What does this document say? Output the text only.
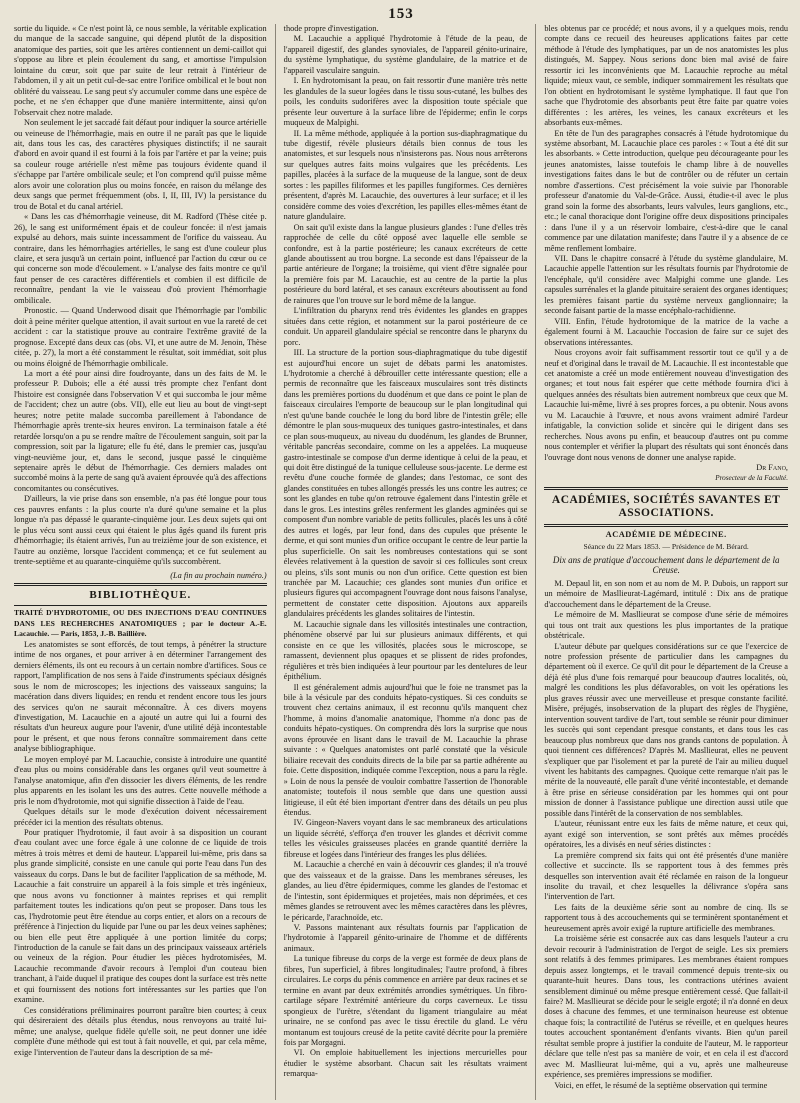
153

sortie du liquide. « Ce n'est point là, ce nous semble, la véritable explication du manque de la saccade sanguine, qui dépend plutôt de la disposition anatomique des parties, soit que les artères contiennent un demi-caillot qui s'oppose au libre et plein écoulement du sang, et amortisse l'impulsion lointaine du cœur, soit que par suite de leur retrait à l'intérieur de l'abdomen, il y ait un petit cul-de-sac entre l'orifice ombilical et le bout non oblitéré du vaisseau. Le sang peut s'y accumuler comme dans une espèce de poche, et ne s'en échapper que d'une manière intermittente, ainsi qu'on l'observait chez notre malade.

Non seulement le jet saccadé fait défaut pour indiquer la source artérielle ou veineuse de l'hémorrhagie, mais en outre il ne paraît pas que le liquide ait, dans tous les cas, des caractères physiques distinctifs; il ne saurait d'abord en avoir quand il est fourni à la fois par l'artère et par la veine; puis sa couleur rouge artérielle n'est même pas toujours évidente quand il s'échappe par l'artère ombilicale seule; et l'on comprend qu'il puisse même alors avoir une coloration plus ou moins foncée, en raison du mélange des deux sangs que permet fréquemment (obs. I, II, III, IV) la persistance du trou de Botal et du canal artériel.

« Dans les cas d'hémorrhagie veineuse, dit M. Radford (Thèse citée p. 26), le sang est uniformément épais et de couleur foncée: il n'est jamais expulsé au dehors, mais suinte incessamment de l'orifice du vaisseau. Au contraire, dans les hémorrhagies artérielles, le sang est d'une couleur plus claire, et sera jusqu'à un certain point, influencé par l'action du cœur ou ce qui concerne son mode d'écoulement. » L'analyse des faits montre ce qu'il faut penser de ces caractères différentiels et combien il est difficile de reconnaître, pendant la vie le vaisseau d'où provient l'hémorrhagie ombilicale.

Pronostic. — Quand Underwood disait que l'hémorrhagie par l'ombilic doit à peine mériter quelque attention, il avait surtout en vue la rareté de cet accident : car la statistique prouve au contraire l'extrême gravité de la prognose. Excepté dans deux cas (obs. VI, et une autre de M. Jenoin, Thèse citée, p. 27), la mort a été constamment le résultat, soit immédiat, soit plus ou moins éloigné de l'hémorrhagie ombilicale.

La mort a été pour ainsi dire foudroyante, dans un des faits de M. le professeur P. Dubois; elle a été aussi très prompte chez l'enfant dont l'histoire est consignée dans l'observation V et qui succomba le jour même de l'accident; chez un autre (obs. VII), elle eut lieu au bout de vingt-sept heures; notre petite malade succomba pareillement à l'abondance de l'hémorrhagie après trente-six heures environ. La terminaison fatale a été retardée lorsqu'on a pu se rendre maître de l'écoulement sanguin, soit par la compression, soit par la ligature; elle fu été, dans le premier cas, jusqu'au vingt-neuvième jour, et, dans le second, jusque passé le cinquième septenaire après le début de l'hémorrhagie. Ces derniers malades ont succombé moins à la perte de sang qu'à avaient éprouvée qu'à des affections concomitantes ou consécutives.

D'ailleurs, la vie prise dans son ensemble, n'a pas été longue pour tous ces pauvres enfants : la plus courte n'a duré qu'une semaine et la plus longue n'a pas dépassé le quarante-cinquième jour. Les deux sujets qui ont le plus vécu sont aussi ceux qui étaient le plus âgés quand ils furent pris d'hémorrhagie; ils étaient arrivés, l'un au treizième jour de son existence, et l'autre au onzième, lorsque l'accident commença; et ce fut seulement au trente-septième et au quarante-cinquième qu'ils succombèrent.

(La fin au prochain numéro.)

BIBLIOTHÈQUE.

TRAITÉ D'HYDROTOMIE, OU DES INJECTIONS D'EAU CONTINUES DANS LES RECHERCHES ANATOMIQUES ; par le docteur A.-E. Lacauchie. — Paris, 1853, J.-B. Baillière.

Les anatomistes se sont efforcés, de tout temps, à pénétrer la structure intime de nos organes, et pour arriver à en déterminer l'arrangement des derniers éléments, ils ont eu recours à un certain nombre d'artifices. Sous ce rapport, l'amplification de nos sens à l'aide d'instruments spéciaux désignés sous le nom de microscopes; les injections des vaisseaux sanguins; la macération dans divers liquides; en rendu et rendent encore tous les jours des services qu'on ne saurait méconnaître. À ces divers moyens d'investigation, M. Lacauchie en a ajouté un autre qui lui a fourni des résultats d'un heureux augure pour l'avenir, d'une utilité déjà incontestable pour le présent, et que nous ferons connaître sommairement dans cette analyse bibliographique.

Le moyen employé par M. Lacauchie, consiste à introduire une quantité d'eau plus ou moins considérable dans les organes qu'il veut soumettre à l'analyse anatomique, afin d'en dissocier les divers éléments, de les rendre plus apparents en les isolant les uns des autres. Cette nouvelle méthode a pris le nom d'hydrotomie, mot qui signifie dissection à l'aide de l'eau.

Quelques détails sur le mode d'exécution doivent nécessairement précéder ici la mention des résultats obtenus.

Pour pratiquer l'hydrotomie, il faut avoir à sa disposition un courant d'eau coulant avec une force égale à une colonne de ce liquide de trois mètres à trois mètres et demi de hauteur. L'appareil lui-même, pris dans sa plus grande simplicité, consiste en une canule qui porte l'eau dans l'un des vaisseaux du corps. Dans le but de faciliter l'application de sa méthode, M. Lacauchie a fait construire un appareil à la fois simple et très ingénieux, que nous avons vu fonctionner à maintes reprises et qui remplit parfaitement toutes les indications qu'on peut se proposer. Dans tous les cas, l'hydrotomie peut être étendue au corps entier, et alors on a recours de préférence à l'injection du liquide par l'une ou par les deux veines saphènes; ou bien elle peut être appliquée à une portion limitée du corps; l'introduction de la canule se fait dans un des principaux vaisseaux artériels ou veineux de la région. Pour étudier les pièces hydrotomisées, M. Lacauchie recommande d'avoir recours à l'emploi d'un couteau bien tranchant, à l'aide duquel il pratique des coupes dont la surface est très nette et qui fournissent des notions fort intéressantes sur les parties que l'on examine.

Ces considérations préliminaires pourront paraître bien courtes; à ceux qui désireraient des détails plus étendus, nous renvoyons au traité lui-même; une analyse, quelque fidèle qu'elle soit, ne peut donner une idée complète d'une méthode qui est tout à fait nouvelle, et qui, par cela même, exige l'intervention de l'auteur dans la description de sa mé-

thode propre d'investigation.

M. Lacauchie a appliqué l'hydrotomie à l'étude de la peau, de l'appareil digestif, des glandes synoviales, de l'appareil génito-urinaire, du système lymphatique, du système glandulaire, de la matrice et de l'appareil vasculaire sanguin.

I. En hydrotomisant la peau, on fait ressortir d'une manière très nette les glandules de la sueur logées dans le tissu sous-cutané, les bulbes des poils, les conduits sudorifères avec la disposition toute spéciale que présente leur ouverture à la surface libre de l'épiderme; enfin le corps muqueux de Malpighi.

II. La même méthode, appliquée à la portion sus-diaphragmatique du tube digestif, révèle plusieurs détails bien connus de tous les anatomistes, et sur lesquels nous n'insisterons pas. Nous nous arrêterons sur quelques autres faits moins vulgaires que les précédents. Les papilles, placées à la surface de la muqueuse de la langue, sont de deux sortes : les papilles filiformes et les papilles fungiformes. Ces dernières présentent, d'après M. Lacauchie, des ouvertures à leur surface; et il les considère comme des voies d'excrétion, les papilles elles-mêmes étant de nature glandulaire.

On sait qu'il existe dans la langue plusieurs glandes : l'une d'elles très rapprochée de celle du côté opposé avec laquelle elle semble se confondre, est à la partie postérieure; les canaux excréteurs de cette glande aboutissent au trou borgne. La seconde est dans l'épaisseur de la partie antérieure de l'organe; la troisième, qui vient d'être signalée pour la première fois par M. Lacauchie, est au centre de la partie la plus postérieure du bord latéral, et ses canaux excréteurs aboutissent au fond de rainures que l'on trouve sur le bord même de la langue.

L'infiltration du pharynx rend très évidentes les glandes en grappes situées dans cette région, et notamment sur la paroi postérieure de ce conduit. Un appareil glandulaire spécial se rencontre dans le pharynx du porc.

III. La structure de la portion sous-diaphragmatique du tube digestif est aujourd'hui encore un sujet de débats parmi les anatomistes. L'hydrotomie a cherché à débrouiller cette intéressante question; elle a permis de reconnaître que les faisceaux musculaires sont très distincts dans les premières portions du duodénum et que dans ce point le plan de faisceaux circulaires l'emporte de beaucoup sur le plan longitudinal qui n'est qu'une bande couchée le long du bord libre de l'intestin grêle; elle démontre le plan sous-muqueux des tuniques gastro-intestinales, et dans ce plan sous-muqueux, au niveau du duodénum, les glandes de Brunner, véritable pancréas secondaire, comme on les a appelées. La muqueuse gastro-intestinale se compose d'un derme identique à celui de la peau, et qui doit être distingué de la tunique celluleuse sous-jacente. Le derme est revêtu d'une couche formée de glandes; dans l'estomac, ce sont des glandes constituées en tubes allongés pressés les uns contre les autres; ce sont les glandes en tube qu'on retrouve également dans l'intestin grêle et dans le gros. Les intestins grêles renferment les glandes agminées qui se composent d'un nombre variable de petits follicules, placés les uns à côté des autres et logés, par leur fond, dans des cupules que présente le derme, et qui sont munies d'un orifice occupant le centre de leur partie la plus superficielle. On sait les nombreuses contestations qui se sont élevées relativement à la question de savoir si ces follicules sont creux ou pleins, s'ils sont munis ou non d'un orifice. Cette question est bien tranchée par M. Lacauchie; ces glandes sont munies d'un orifice et plusieurs figures qui accompagnent l'ouvrage dont nous faisons l'analyse, permettent de constater cette disposition. Ajoutons aux appareils glandulaires précédents les glandes solitaires de l'intestin.

M. Lacauchie signale dans les villosités intestinales une contraction, phénomène observé par lui sur plusieurs animaux différents, et qui consiste en ce que les villosités, placées sous le microscope, se ramassent, deviennent plus opaques et se plissent de rides profondes, régulières et très bien indiquées à leur pourtour par les dentelures de leur épithélium.

Il est généralement admis aujourd'hui que le foie ne transmet pas la bile à la vésicule par des conduits hépato-cystiques. Si ces conduits se trouvent chez certains animaux, il est reconnu qu'ils manquent chez l'homme, à moins d'anomalie anatomique, l'homme n'a donc pas de conduits hépato-cystiques. On comprendra dès lors la surprise que nous avons éprouvée en lisant dans le travail de M. Lacauchie la phrase suivante : « Quelques anatomistes ont parlé constaté que la vésicule biliaire recevait des conduits directs de la bile par sa partie adhérente au foie. Cette disposition, indiquée comme l'exception, nous a paru la règle. » Loin de nous la pensée de vouloir combattre l'assertion de l'honorable anatomiste; toutefois il nous semble que dans une question aussi litigieuse, il eût été bien important d'entrer dans des détails un peu plus étendus.

IV. Gingeon-Navers voyant dans le sac membraneux des articulations un liquide sécrété, s'efforça d'en trouver les glandes et décrivit comme telles les vésicules graisseuses placées en grande quantité derrière la fibreuse et logées dans l'intérieur des franges les plus déliées.

M. Lacauchie a cherché en vain à découvrir ces glandes; il n'a trouvé que des vaisseaux et de la graisse. Dans les membranes séreuses, les glandes, au lieu d'être épidermiques, comme les glandes de l'estomac et de l'intestin, sont épidermiques et projetées, mais non déprimées, et ces mêmes glandes se retrouvent avec les mêmes caractères dans les plèvres, le péricarde, l'arachnoïde, etc.

V. Passons maintenant aux résultats fournis par l'application de l'hydrotomie à l'appareil génito-urinaire de l'homme et de différents animaux.

La tunique fibreuse du corps de la verge est formée de deux plans de fibres, l'un superficiel, à fibres longitudinales; l'autre profond, à fibres circulaires. Le corps du pénis commence en arrière par deux racines et se termine en avant par deux extrémités arrondies symétriques. Un fibro-cartilage sépare l'extrémité antérieure du corps caverneux. Le tissu spongieux de l'urètre, s'étendant du ligament triangulaire au méat urinaire, ne se confond pas avec le tissu érectile du gland. Le véru montanum est toujours creusé de la petite cavité décrite pour la première fois par Morgagni.

VI. On emploie habituellement les injections mercurielles pour étudier le système absorbant. Chacun sait les résultats vraiment remarqua-

bles obtenus par ce procédé; et nous avons, il y a quelques mois, rendu compte dans ce recueil des heureuses applications faites par cette méthode à l'étude des lymphatiques, par un de nos anatomistes les plus distingués, M. Sappey. Nous serions donc bien mal avisé de faire ressortir ici les inconvénients que M. Lacauchie reproche au métal liquide; mieux vaut, ce semble, indiquer sommairement les résultats que l'on obtient en hydrotomisant le système lymphatique. Il faut que l'on sache que l'hydrotomie des absorbants peut être faite par quatre voies différentes : les artères, les veines, les canaux excréteurs et les absorbants eux-mêmes.

En tête de l'un des paragraphes consacrés à l'étude hydrotomique du système absorbant, M. Lacauchie place ces paroles : « Tout a été dit sur les absorbants. » Cette introduction, quelque peu décourageante pour les jeunes anatomistes, laisse toutefois le champ libre à de nouvelles investigations faites dans le but de contrôler ou de réfuter un certain nombre d'assertions. C'est précisément la voie suivie par l'honorable professeur d'anatomie du Val-de-Grâce. Aussi, étudie-t-il avec le plus grand soin la forme des absorbants, leurs valvules, leurs ganglions, etc., etc.; le canal thoracique dont l'origine offre deux dispositions principales : dans l'une il y a un réservoir lombaire, c'est-à-dire que le canal commence par une dilatation manifeste; dans l'autre il y a absence de ce même renflement lombaire.

VII. Dans le chapitre consacré à l'étude du système glandulaire, M. Lacauchie appelle l'attention sur les résultats fournis par l'hydrotomie de l'encéphale, qu'il considère avec Malpighi comme une glande. Les capsules surrénales et la glande pituitaire seraient des organes identiques; les premières faisant partie du système nerveux ganglionnaire; la seconde faisant partie de la masse encéphalo-rachidienne.

VIII. Enfin, l'étude hydrotomique de la matrice de la vache a également fourni à M. Lacauchie l'occasion de faire sur ce sujet des observations intéressantes.

Nous croyons avoir fait suffisamment ressortir tout ce qu'il y a de neuf et d'original dans le travail de M. Lacauchie. Il est incontestable que cet anatomiste a créé un mode entièrement nouveau d'investigation des organes; et tout nous fait espérer que cette méthode fournira d'ici à quelques années des résultats bien autrement nombreux que ceux que M. Lacauchie lui-même, livré à ses propres forces, a pu obtenir. Nous avons vu M. Lacauchie à l'œuvre, et nous avons vraiment admiré l'ardeur infatigable, la conviction solide et sincère qui le dirigent dans ses recherches. Nous avons pu enfin, et beaucoup d'autres ont pu comme nous contempler et vérifier la plupart des résultats qui sont énoncés dans l'ouvrage dont nous venons de donner une analyse rapide.

Dr Fano,

Prosecteur de la Faculté.

ACADÉMIES, SOCIÉTÉS SAVANTES ET ASSOCIATIONS.

ACADÉMIE DE MÉDECINE.

Séance du 22 Mars 1853. — Présidence de M. Bérard.

Dix ans de pratique d'accouchement dans le département de la Creuse.

M. Depaul lit, en son nom et au nom de M. P. Dubois, un rapport sur un mémoire de Masllieurat-Lagémard, intitulé : Dix ans de pratique d'accouchement dans le département de la Creuse.

Le mémoire de M. Masllieurat se compose d'une série de mémoires qui tous ont trait aux questions les plus importantes de la pratique obstétricale.

L'auteur débute par quelques considérations sur ce que l'exercice de notre profession présente de particulier dans les campagnes du département où il exerce. Ce qu'il dit pour le département de la Creuse a déjà été plus d'une fois remarqué pour beaucoup d'autres localités, où, malgré les conditions les plus défavorables, on voit les opérations les plus graves réussir avec une merveilleuse et presque constante facilité. Misère, préjugés, insobservation de la plupart des règles de l'hygiène, intervention souvent tardive de l'art, tout semble se réunir pour diminuer les succès qui sont cependant presque constants, et dans tous les cas beaucoup plus nombreux que dans nos grands cantons de population. À quoi tiennent ces différences? D'après M. Masllieurat, elles ne peuvent s'expliquer que par l'isolement et par la pureté de l'air au milieu duquel vivent les habitants des campagnes. Quoique cette remarque n'ait pas le mérite de la nouveauté, elle paraît d'une vérité incontestable, et demande à être prise en sérieuse considération par les hommes qui ont pour mission de donner à l'assistance publique une direction aussi utile que possible dans l'intérêt de la conservation de nos semblables.

L'auteur, réunissant entre eux les faits de même nature, et ceux qui, ayant exigé son intervention, se sont prêtés aux mêmes procédés opératoires, les a divisés en neuf séries distinctes :

La première comprend six faits qui ont été présentés d'une manière collective et succincte. Ils se rapportent tous à des femmes près desquelles son intervention avait été réclamée en raison de la longueur insolite du travail, et chez lesquelles la délivrance s'opéra sans l'intervention de l'art.

Les faits de la deuxième série sont au nombre de cinq. Ils se rapportent tous à des accouchements qui se terminèrent spontanément et heureusement après avoir exigé la rupture artificielle des membranes.

La troisième série est consacrée aux cas dans lesquels l'auteur a cru devoir recourir à l'administration de l'ergot de seigle. Les six premiers sont relatifs à des femmes primipares. Les membranes étaient rompues depuis assez longtemps, et le travail commencé depuis trente-six ou quarante-huit heures. Dans tous, les contractions utérines avaient sensiblement diminué ou même presque entièrement cessé. Que fallait-il faire? M. Masllieurat se décide pour le seigle ergoté; il n'a donné en deux doses à chacune des femmes, et une terminaison heureuse est obtenue chaque fois; la contractilité de l'utérus se réveille, et en quelques heures toutes accouchent spontanément d'enfants vivants. Bien qu'un pareil résultat semble propre à justifier la conduite de l'auteur, M. le rapporteur déclare que telle n'est pas sa manière de voir, et en cela il est d'accord avec M. Masllieurat lui-même, qui a vu, après une malheureuse expérience, ses premières impressions se modifier.

Voici, en effet, le résumé de la septième observation qui termine
